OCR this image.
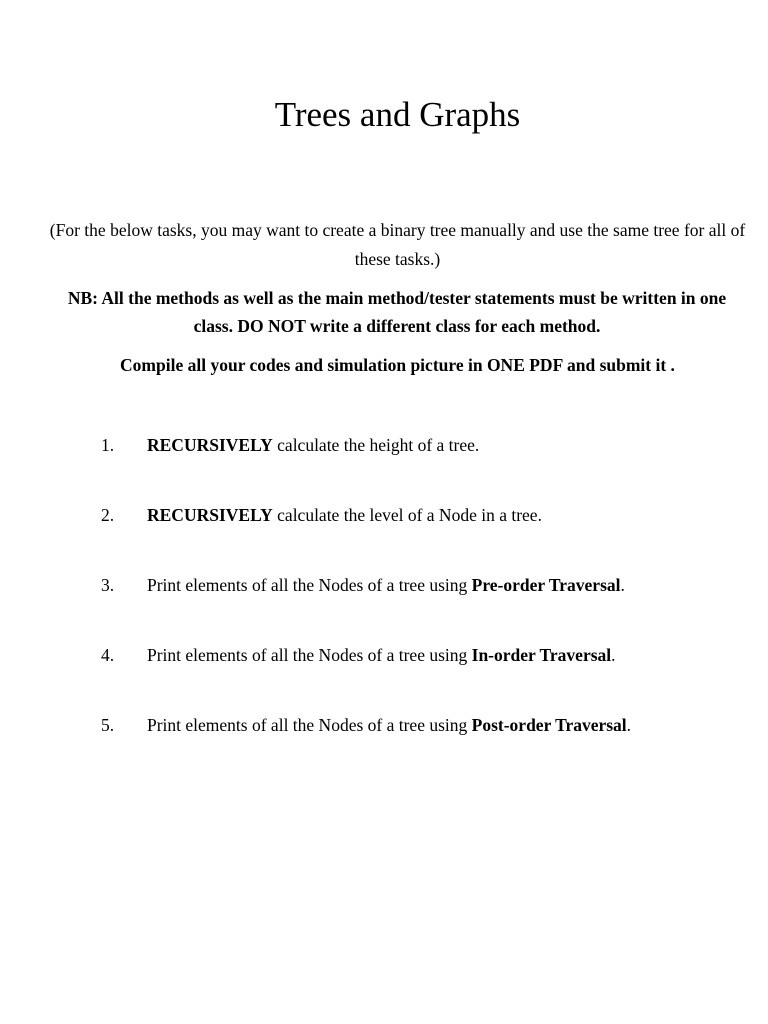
Trees and Graphs

(For the below tasks, you may want to create a binary tree manually and use the same tree for all of these tasks.)

NB: All the methods as well as the main method/tester statements must be written in one class. DO NOT write a different class for each method.

Compile all your codes and simulation picture in ONE PDF and submit it .

1. RECURSIVELY calculate the height of a tree.
2. RECURSIVELY calculate the level of a Node in a tree.
3. Print elements of all the Nodes of a tree using Pre-order Traversal.
4. Print elements of all the Nodes of a tree using In-order Traversal.
5. Print elements of all the Nodes of a tree using Post-order Traversal.
